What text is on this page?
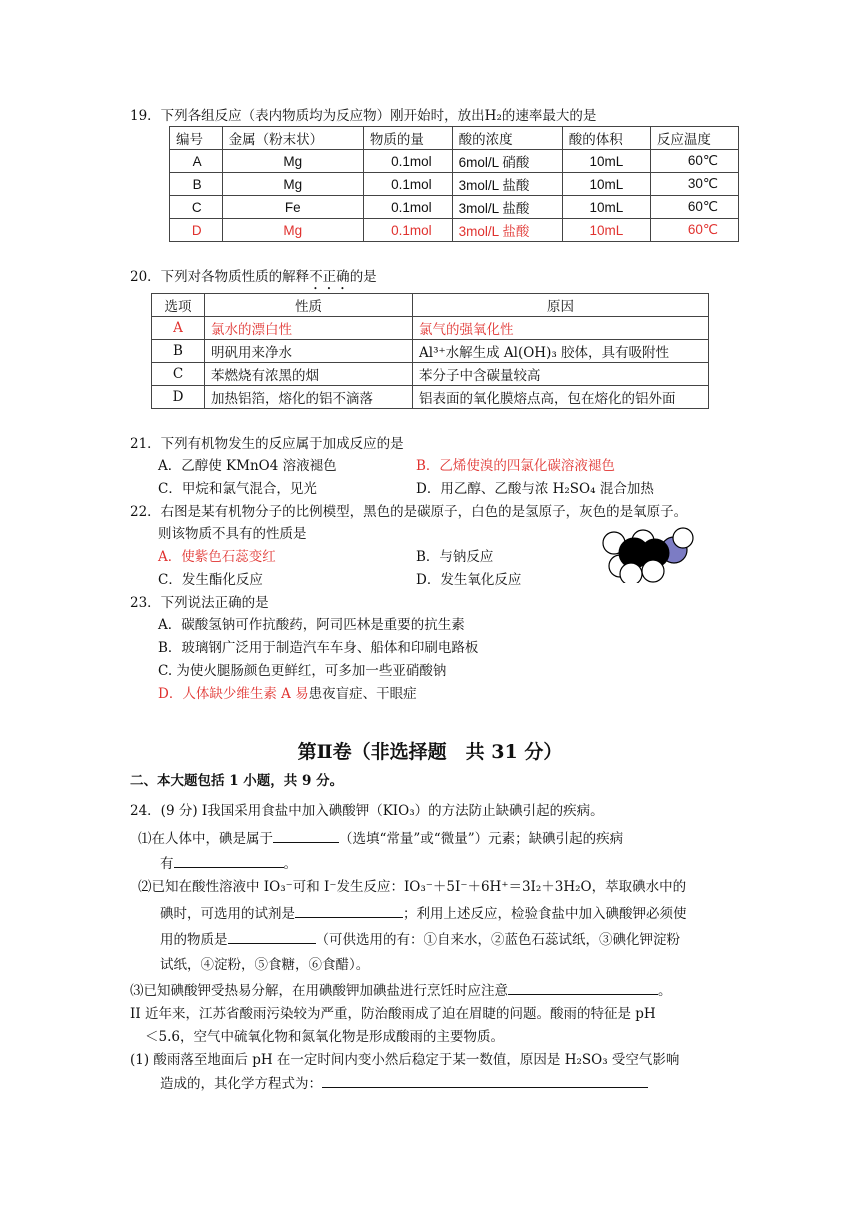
19．下列各组反应（表内物质均为反应物）刚开始时，放出H₂的速率最大的是
编号	金属（粉末状）	物质的量	酸的浓度	酸的体积	反应温度
A	Mg	0.1mol	6mol/L 硝酸	10mL	60℃
B	Mg	0.1mol	3mol/L 盐酸	10mL	30℃
C	Fe	0.1mol	3mol/L 盐酸	10mL	60℃
D	Mg	0.1mol	3mol/L 盐酸	10mL	60℃
20．下列对各物质性质的解释不正确的是
选项	性质	原因
A	氯水的漂白性	氯气的强氧化性
B	明矾用来净水	Al³⁺水解生成 Al(OH)₃ 胶体，具有吸附性
C	苯燃烧有浓黑的烟	苯分子中含碳量较高
D	加热铝箔，熔化的铝不滴落	铝表面的氧化膜熔点高，包在熔化的铝外面
21．下列有机物发生的反应属于加成反应的是
A．乙醇使 KMnO4 溶液褪色	B．乙烯使溴的四氯化碳溶液褪色
C．甲烷和氯气混合，见光	D．用乙醇、乙酸与浓 H₂SO₄ 混合加热
22．右图是某有机物分子的比例模型，黑色的是碳原子，白色的是氢原子，灰色的是氧原子。
则该物质不具有的性质是
A．使紫色石蕊变红	B．与钠反应
C．发生酯化反应	D．发生氧化反应
23．下列说法正确的是
A．碳酸氢钠可作抗酸药，阿司匹林是重要的抗生素
B．玻璃钢广泛用于制造汽车车身、船体和印刷电路板
C. 为使火腿肠颜色更鲜红，可多加一些亚硝酸钠
D．人体缺少维生素 A 易患夜盲症、干眼症
第Ⅱ卷（非选择题　共 31 分）
二、本大题包括 1 小题，共 9 分。
24．(9 分) Ⅰ我国采用食盐中加入碘酸钾（KIO₃）的方法防止缺碘引起的疾病。
⑴在人体中，碘是属于	（选填“常量”或“微量”）元素；缺碘引起的疾病
有	。
⑵已知在酸性溶液中 IO₃⁻可和 I⁻发生反应：IO₃⁻＋5I⁻＋6H⁺＝3I₂＋3H₂O，萃取碘水中的
碘时，可选用的试剂是	；利用上述反应，检验食盐中加入碘酸钾必须使
用的物质是	（可供选用的有：①自来水，②蓝色石蕊试纸，③碘化钾淀粉
试纸，④淀粉，⑤食糖，⑥食醋）。
⑶已知碘酸钾受热易分解，在用碘酸钾加碘盐进行烹饪时应注意	。
II 近年来，江苏省酸雨污染较为严重，防治酸雨成了迫在眉睫的问题。酸雨的特征是 pH
＜5.6，空气中硫氧化物和氮氧化物是形成酸雨的主要物质。
(1) 酸雨落至地面后 pH 在一定时间内变小然后稳定于某一数值，原因是 H₂SO₃ 受空气影响
造成的，其化学方程式为：
